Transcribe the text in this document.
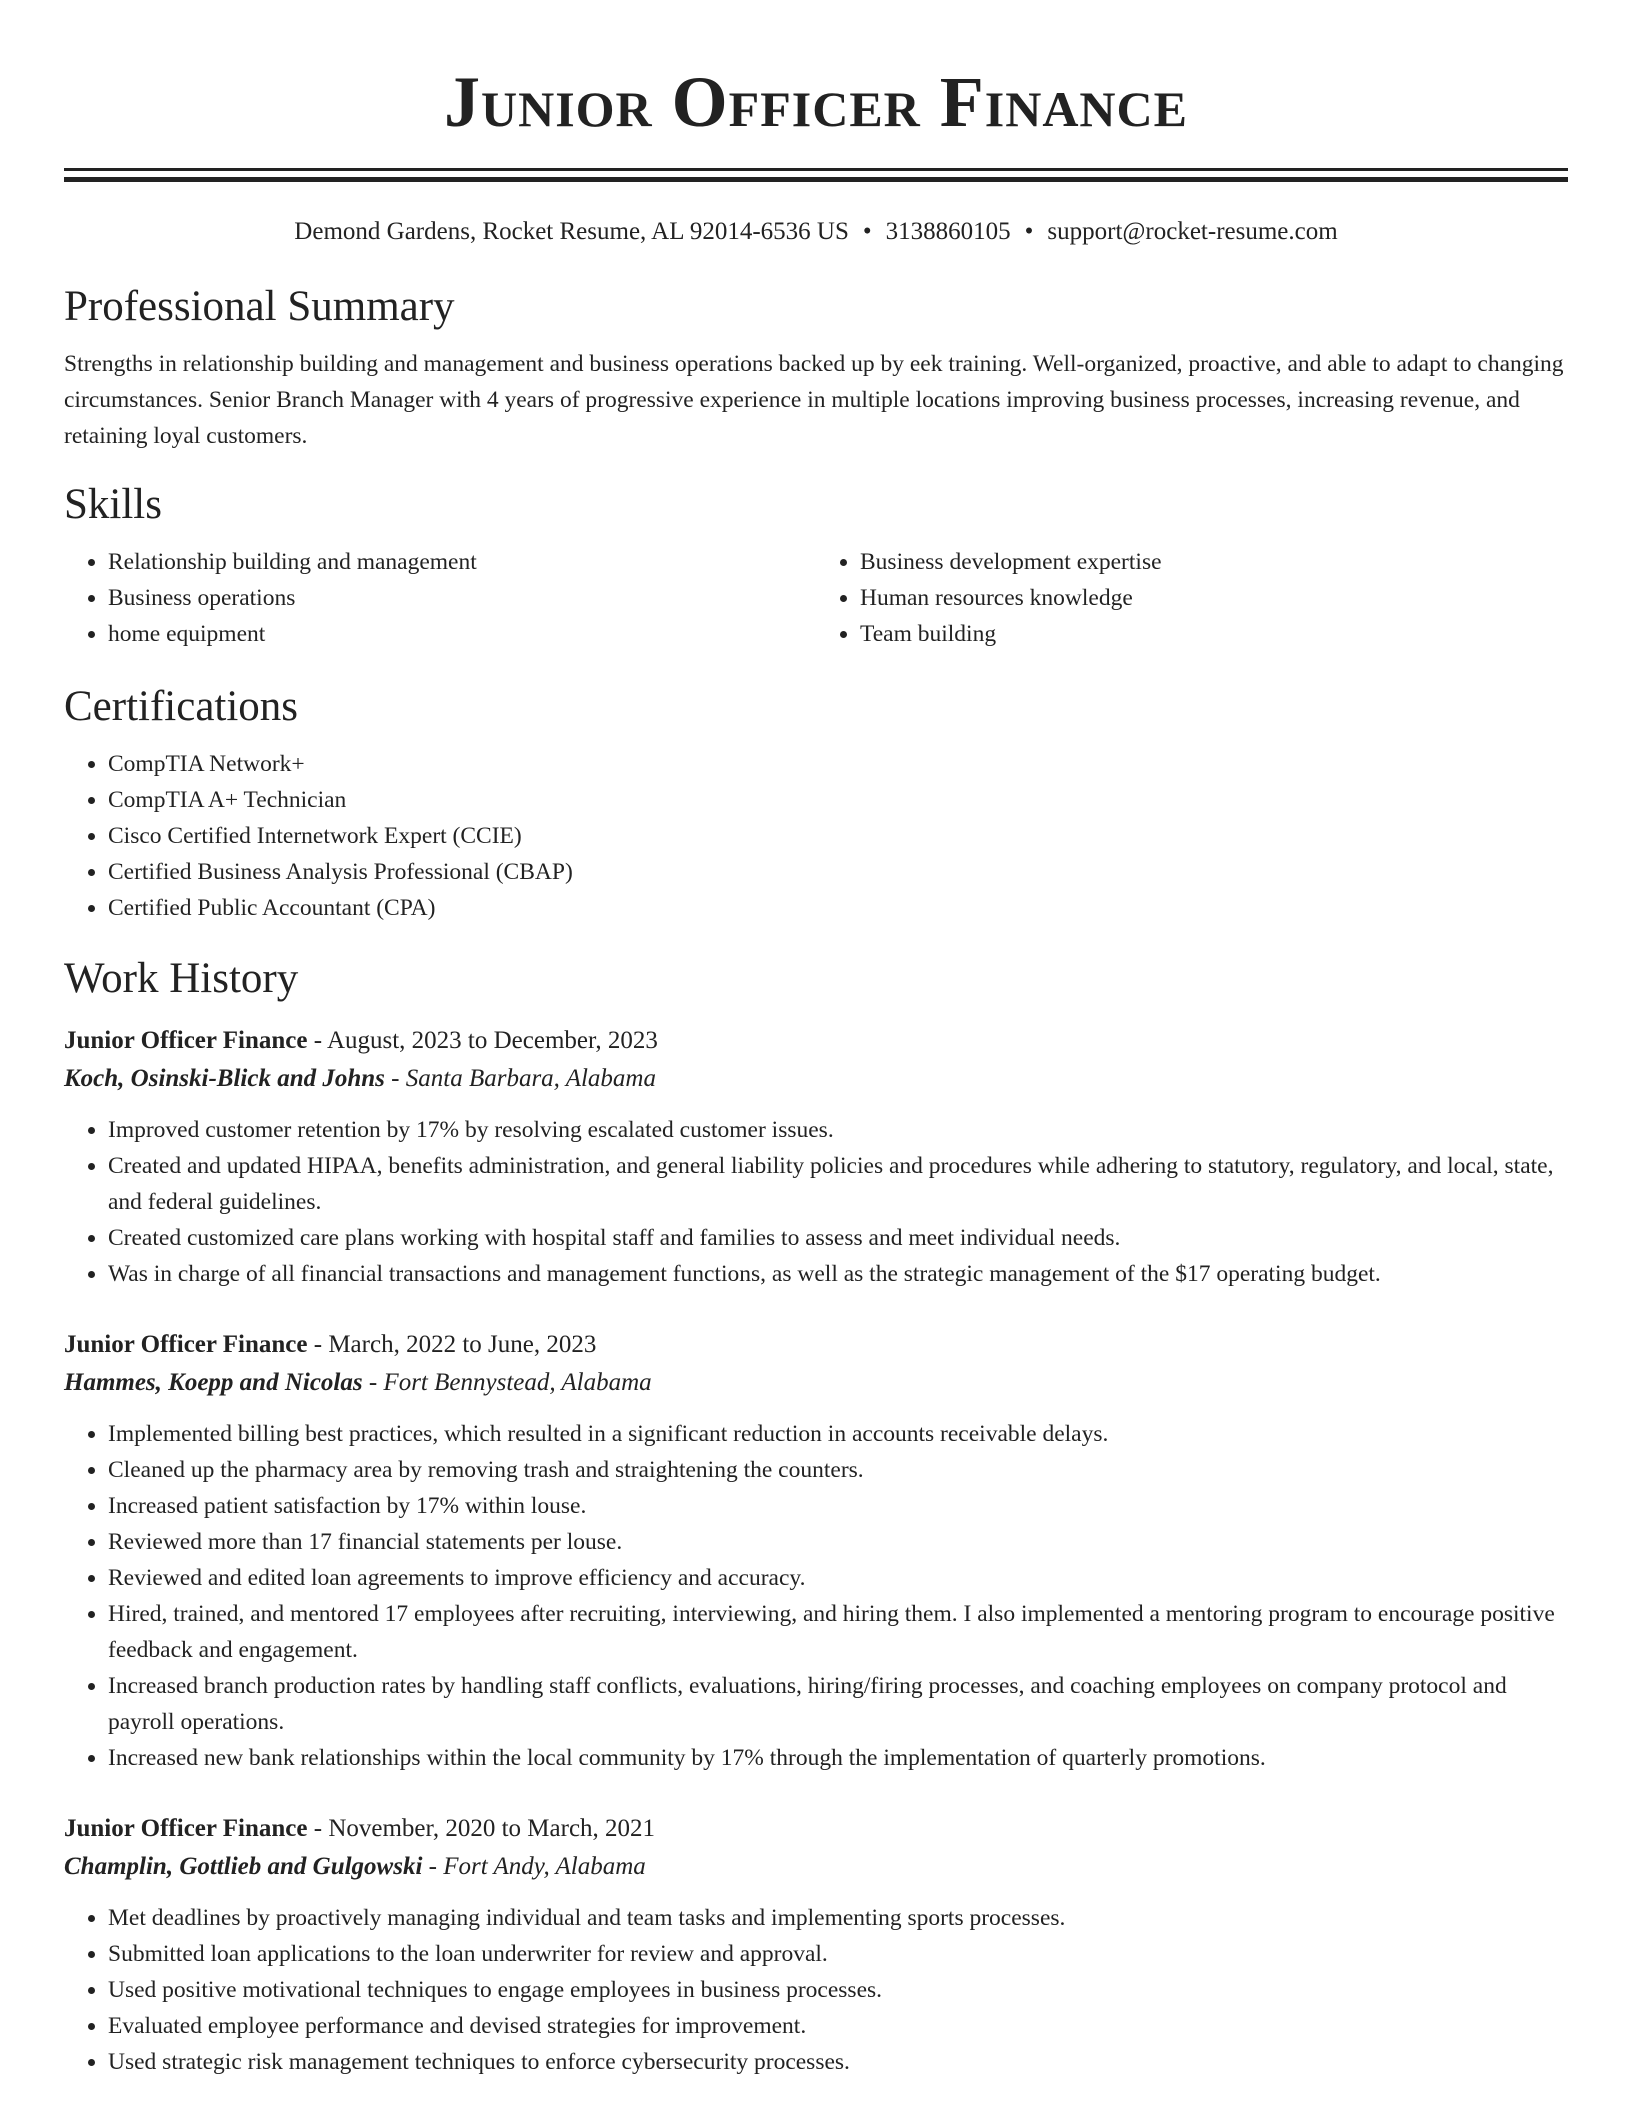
Junior Officer Finance
Demond Gardens, Rocket Resume, AL 92014-6536 US • 3138860105 • support@rocket-resume.com
Professional Summary
Strengths in relationship building and management and business operations backed up by eek training. Well-organized, proactive, and able to adapt to changing circumstances. Senior Branch Manager with 4 years of progressive experience in multiple locations improving business processes, increasing revenue, and retaining loyal customers.
Skills
• Relationship building and management
• Business operations
• home equipment
• Business development expertise
• Human resources knowledge
• Team building
Certifications
• CompTIA Network+
• CompTIA A+ Technician
• Cisco Certified Internetwork Expert (CCIE)
• Certified Business Analysis Professional (CBAP)
• Certified Public Accountant (CPA)
Work History
Junior Officer Finance - August, 2023 to December, 2023
Koch, Osinski-Blick and Johns - Santa Barbara, Alabama
• Improved customer retention by 17% by resolving escalated customer issues.
• Created and updated HIPAA, benefits administration, and general liability policies and procedures while adhering to statutory, regulatory, and local, state, and federal guidelines.
• Created customized care plans working with hospital staff and families to assess and meet individual needs.
• Was in charge of all financial transactions and management functions, as well as the strategic management of the $17 operating budget.
Junior Officer Finance - March, 2022 to June, 2023
Hammes, Koepp and Nicolas - Fort Bennystead, Alabama
• Implemented billing best practices, which resulted in a significant reduction in accounts receivable delays.
• Cleaned up the pharmacy area by removing trash and straightening the counters.
• Increased patient satisfaction by 17% within louse.
• Reviewed more than 17 financial statements per louse.
• Reviewed and edited loan agreements to improve efficiency and accuracy.
• Hired, trained, and mentored 17 employees after recruiting, interviewing, and hiring them. I also implemented a mentoring program to encourage positive feedback and engagement.
• Increased branch production rates by handling staff conflicts, evaluations, hiring/firing processes, and coaching employees on company protocol and payroll operations.
• Increased new bank relationships within the local community by 17% through the implementation of quarterly promotions.
Junior Officer Finance - November, 2020 to March, 2021
Champlin, Gottlieb and Gulgowski - Fort Andy, Alabama
• Met deadlines by proactively managing individual and team tasks and implementing sports processes.
• Submitted loan applications to the loan underwriter for review and approval.
• Used positive motivational techniques to engage employees in business processes.
• Evaluated employee performance and devised strategies for improvement.
• Used strategic risk management techniques to enforce cybersecurity processes.
